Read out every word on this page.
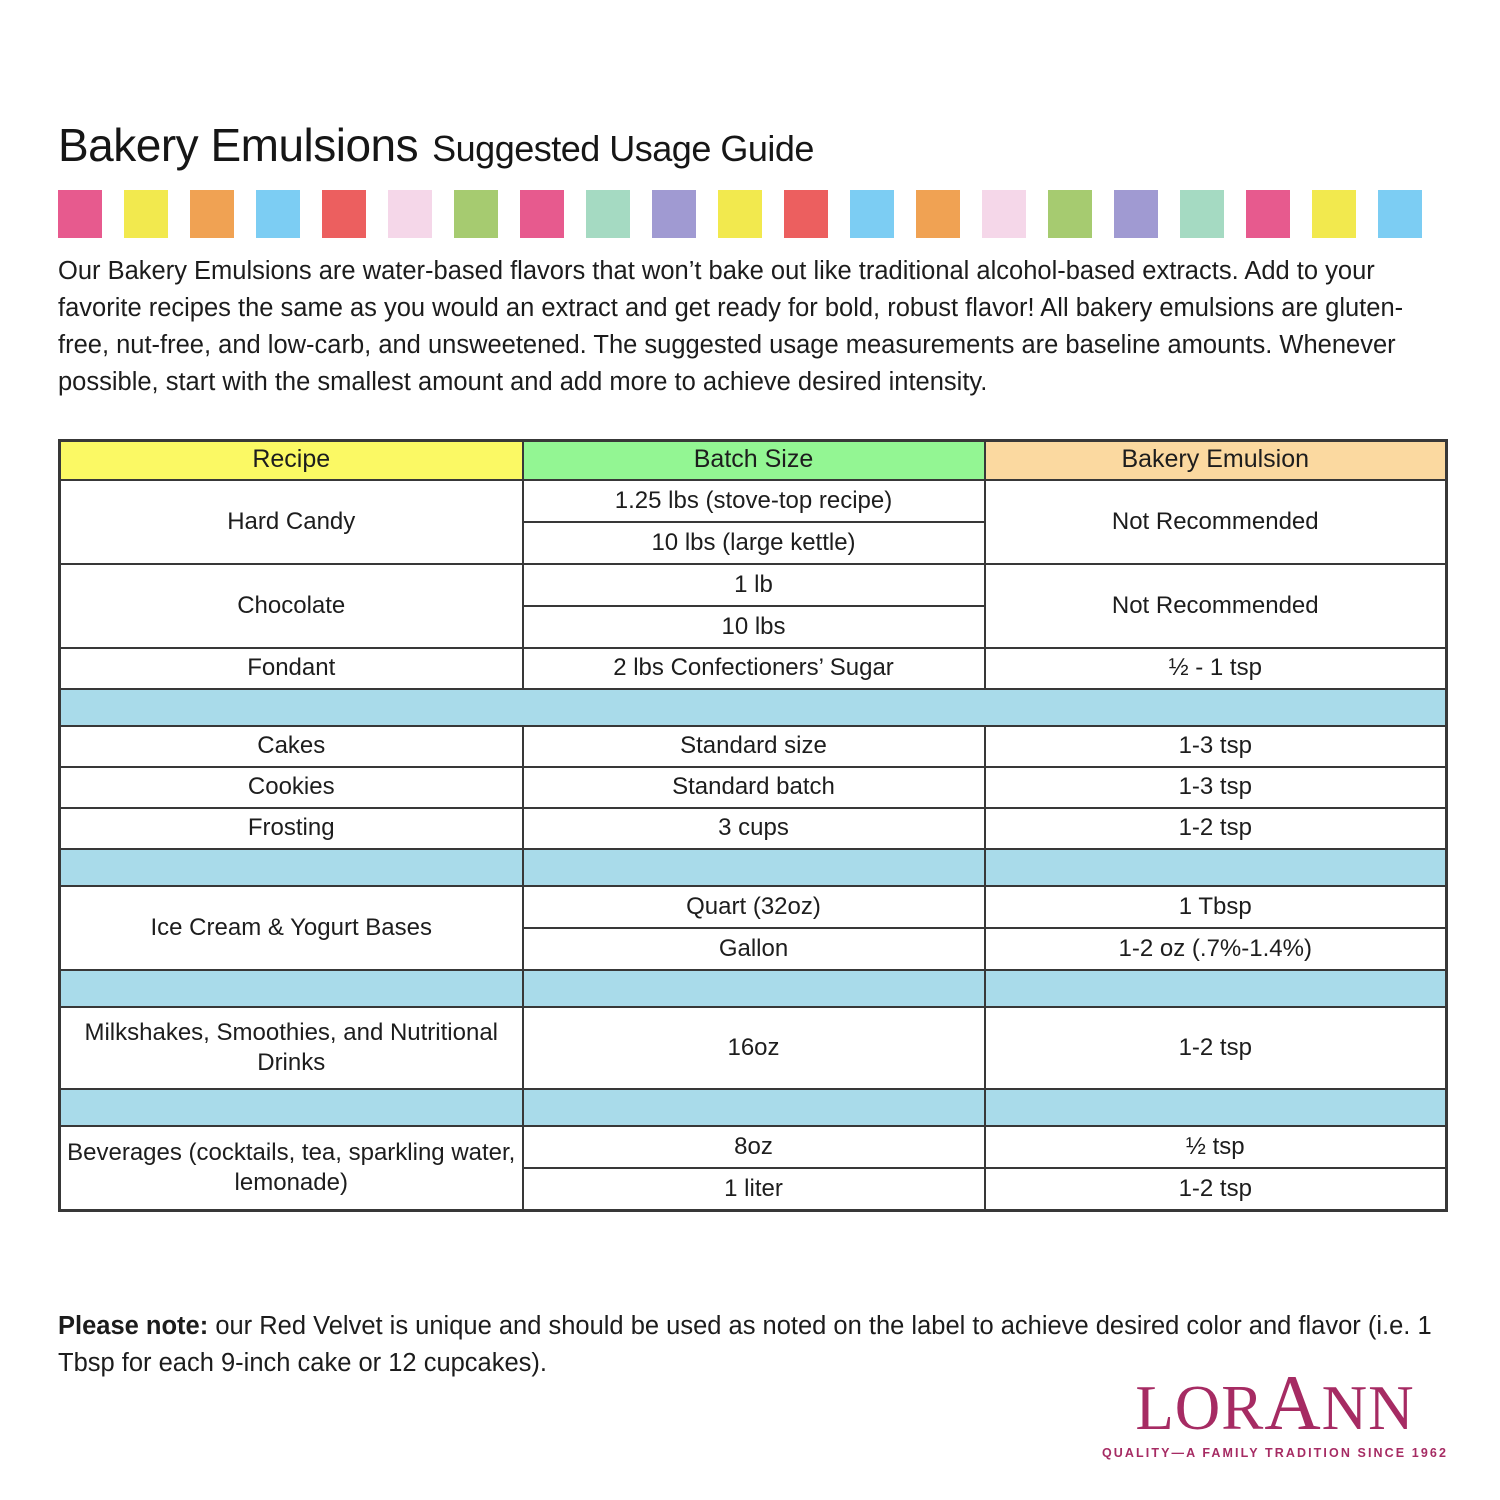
Bakery Emulsions Suggested Usage Guide

Our Bakery Emulsions are water-based flavors that won’t bake out like traditional alcohol-based extracts. Add to your favorite recipes the same as you would an extract and get ready for bold, robust flavor! All bakery emulsions are gluten-free, nut-free, and low-carb, and unsweetened. The suggested usage measurements are baseline amounts. Whenever possible, start with the smallest amount and add more to achieve desired intensity.

Recipe	Batch Size	Bakery Emulsion
Hard Candy	1.25 lbs (stove-top recipe)	Not Recommended
	10 lbs (large kettle)	
Chocolate	1 lb	Not Recommended
	10 lbs	
Fondant	2 lbs Confectioners’ Sugar	½ - 1 tsp

Cakes	Standard size	1-3 tsp
Cookies	Standard batch	1-3 tsp
Frosting	3 cups	1-2 tsp

Ice Cream & Yogurt Bases	Quart (32oz)	1 Tbsp
	Gallon	1-2 oz (.7%-1.4%)

Milkshakes, Smoothies, and Nutritional Drinks	16oz	1-2 tsp

Beverages (cocktails, tea, sparkling water, lemonade)	8oz	½ tsp
	1 liter	1-2 tsp

Please note: our Red Velvet is unique and should be used as noted on the label to achieve desired color and flavor (i.e. 1 Tbsp for each 9-inch cake or 12 cupcakes).

LORANN
QUALITY—A FAMILY TRADITION SINCE 1962
